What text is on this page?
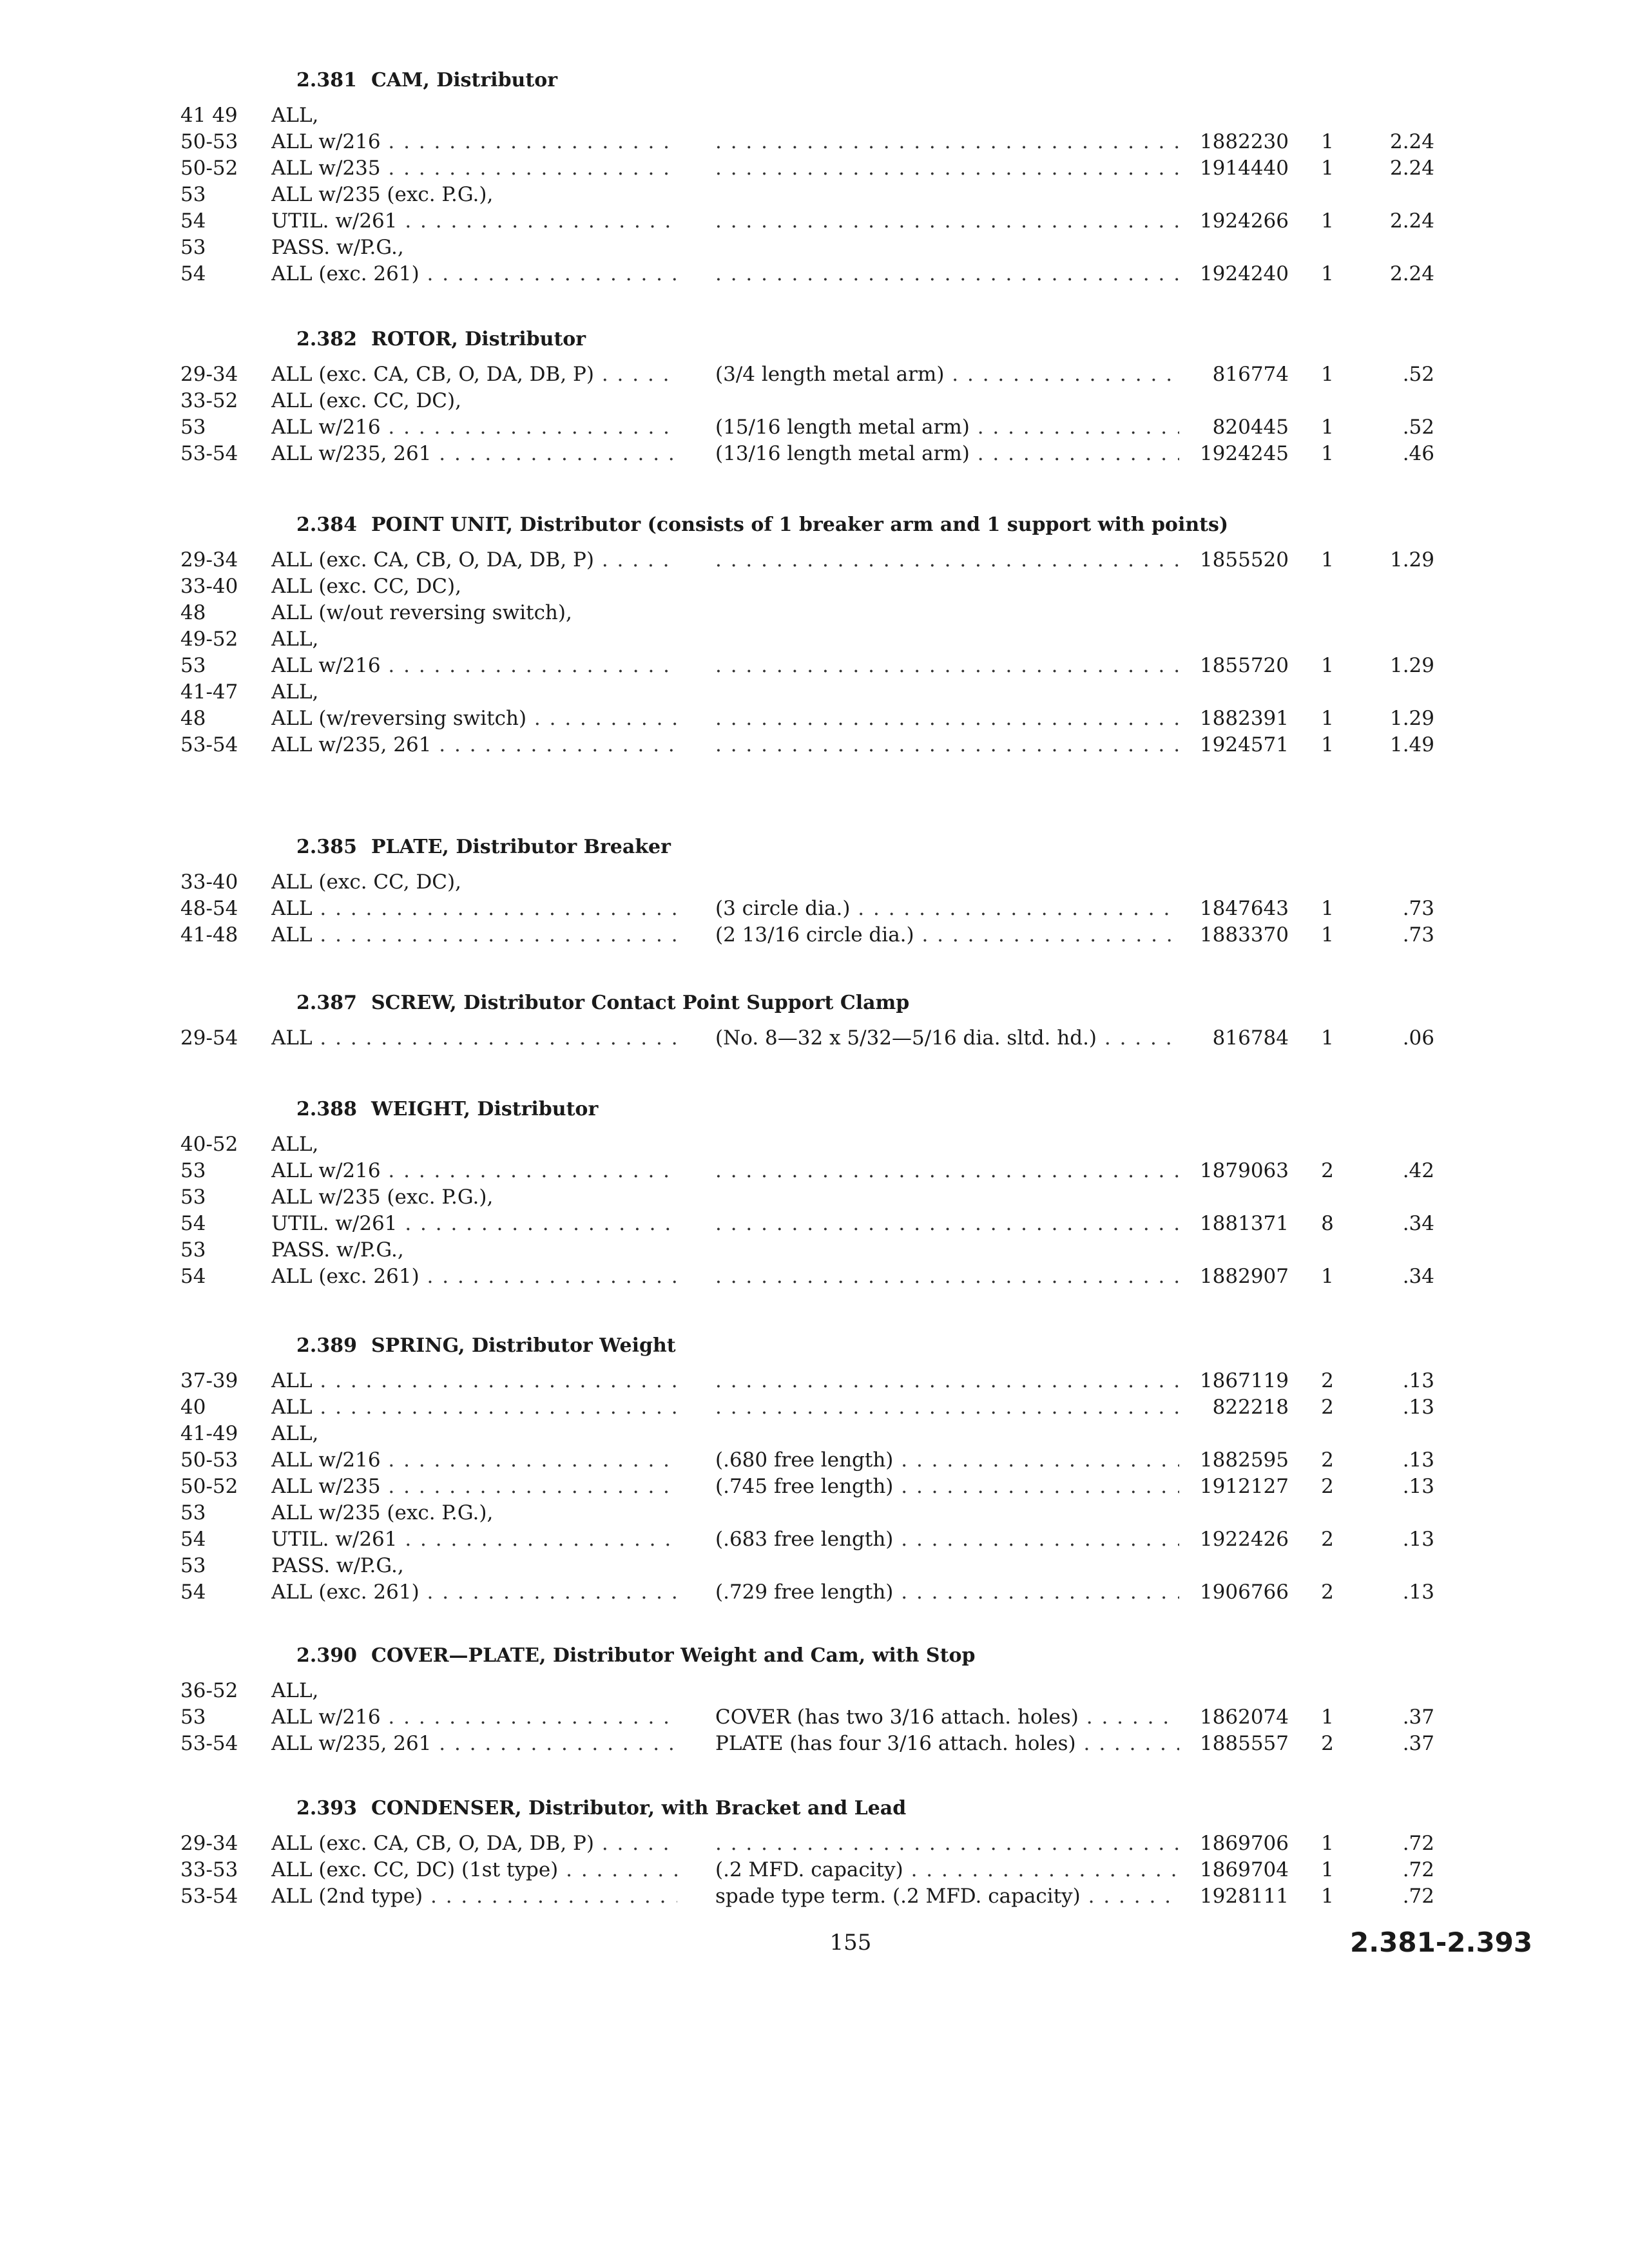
2.381 CAM, Distributor
41 49 ALL,
50-53 ALL w/216 . . . . . .	1882230	1	2.24
50-52 ALL w/235 . . . . . .	1914440	1	2.24
53	ALL w/235 (exc. P.G.),
54	UTIL. w/261 . . . . . .	1924266	1	2.24
53	PASS. w/P.G.,
54	ALL (exc. 261) . . . . . .	1924240	1	2.24
2.382 ROTOR, Distributor
29-34 ALL (exc. CA, CB, O, DA, DB, P) . . .	(3/4 length metal arm) . . .	816774	1	.52
33-52 ALL (exc. CC, DC),
53	ALL w/216 . . .	(15/16 length metal arm) . . .	820445	1	.52
53-54 ALL w/235, 261 . . .	(13/16 length metal arm) . . .	1924245	1	.46
2.384 POINT UNIT, Distributor (consists of 1 breaker arm and 1 support with points)
29-34 ALL (exc. CA, CB, O, DA, DB, P) . . . . . .	1855520	1	1.29
33-40 ALL (exc. CC, DC),
48	ALL (w/out reversing switch),
49-52 ALL,
53	ALL w/216 . . . . . .	1855720	1	1.29
41-47 ALL,
48	ALL (w/reversing switch) . . . . . .	1882391	1	1.29
53-54 ALL w/235, 261 . . . . . .	1924571	1	1.49
2.385 PLATE, Distributor Breaker
33-40 ALL (exc. CC, DC),
48-54 ALL . . .	(3 circle dia.) . . .	1847643	1	.73
41-48 ALL . . .	(2 13/16 circle dia.) . . .	1883370	1	.73
2.387 SCREW, Distributor Contact Point Support Clamp
29-54 ALL . . .	(No. 8—32 x 5/32—5/16 dia. sltd. hd.) . . .	816784	1	.06
2.388 WEIGHT, Distributor
40-52 ALL,
53	ALL w/216 . . . . . .	1879063	2	.42
53	ALL w/235 (exc. P.G.),
54	UTIL. w/261 . . . . . .	1881371	8	.34
53	PASS. w/P.G.,
54	ALL (exc. 261) . . . . . .	1882907	1	.34
2.389 SPRING, Distributor Weight
37-39 ALL . . . . . .	1867119	2	.13
40	ALL . . . . . .	822218	2	.13
41-49 ALL,
50-53 ALL w/216 . . .	(.680 free length) . . .	1882595	2	.13
50-52 ALL w/235 . . .	(.745 free length) . . .	1912127	2	.13
53	ALL w/235 (exc. P.G.),
54	UTIL. w/261 . . .	(.683 free length) . . .	1922426	2	.13
53	PASS. w/P.G.,
54	ALL (exc. 261) . . .	(.729 free length) . . .	1906766	2	.13
2.390 COVER—PLATE, Distributor Weight and Cam, with Stop
36-52 ALL,
53	ALL w/216 . . .	COVER (has two 3/16 attach. holes) . . .	1862074	1	.37
53-54 ALL w/235, 261 . . .	PLATE (has four 3/16 attach. holes) . . .	1885557	2	.37
2.393 CONDENSER, Distributor, with Bracket and Lead
29-34 ALL (exc. CA, CB, O, DA, DB, P) . . . . . .	1869706	1	.72
33-53 ALL (exc. CC, DC) (1st type) . . .	(.2 MFD. capacity) . . .	1869704	1	.72
53-54 ALL (2nd type) . . .	spade type term. (.2 MFD. capacity) . . .	1928111	1	.72
155	2.381-2.393
